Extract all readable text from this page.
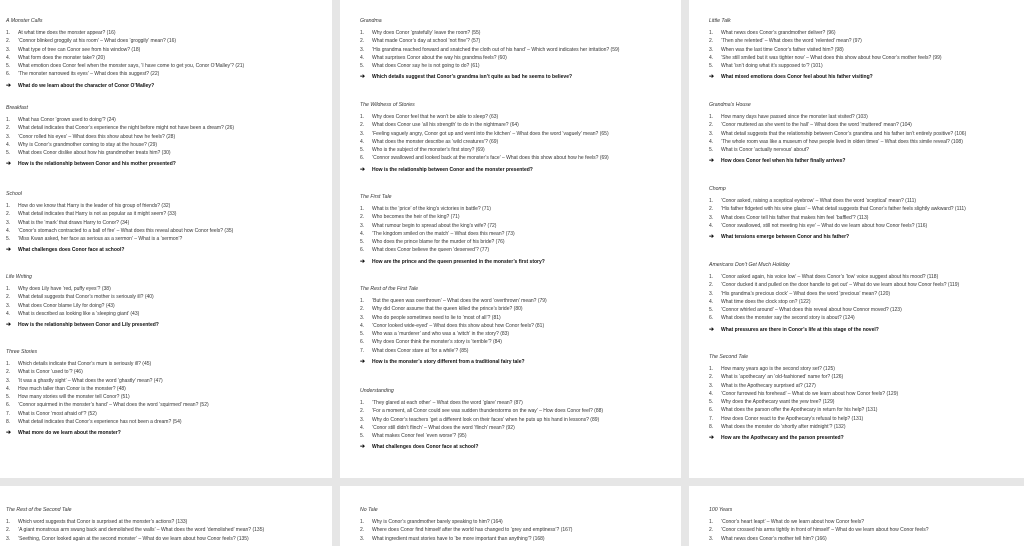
A Monster Calls
1.	At what time does the monster appear? (16)
2.	‘Connor blinked groggily at his room’ – What does ‘groggily’ mean? (16)
3.	What type of tree can Conor see from his window? (18)
4.	What form does the monster take? (20)
5.	What emotion does Conor feel when the monster says, ‘I have come to get you, Conor O’Malley’? (21)
6.	‘The monster narrowed its eyes’ – What does this suggest? (22)
➔	What do we learn about the character of Conor O’Malley?
Breakfast
1.	What has Conor ‘grown used to doing’? (24)
2.	What detail indicates that Conor’s experience the night before might not have been a dream? (26)
3.	‘Conor rolled his eyes’ – What does this show about how he feels? (28)
4.	Why is Conor’s grandmother coming to stay at the house? (29)
5.	What does Conor dislike about how his grandmother treats him? (30)
➔	How is the relationship between Conor and his mother presented?
School
1.	How do we know that Harry is the leader of his group of friends? (32)
2.	What detail indicates that Harry is not as popular as it might seem? (33)
3.	What is the ‘mark’ that draws Harry to Conor? (34)
4.	‘Conor’s stomach contracted to a ball of fire’ – What does this reveal about how Conor feels? (35)
5.	‘Miss Kwan asked, her face as serious as a sermon’ – What is a ‘sermon’?
➔	What challenges does Conor face at school?
Life Writing
1.	Why does Lily have ‘red, puffy eyes’? (38)
2.	What detail suggests that Conor’s mother is seriously ill? (40)
3.	What does Conor blame Lily for doing? (43)
4.	What is described as looking like a ‘sleeping giant’ (43)
➔	How is the relationship between Conor and Lily presented?
Three Stories
1.	Which details indicate that Conor’s mum is seriously ill? (45)
2.	What is Conor ‘used to’? (46)
3.	‘It was a ghastly sight’ – What does the word ‘ghastly’ mean? (47)
4.	How much taller than Conor is the monster? (48)
5.	How many stories will the monster tell Conor? (51)
6.	‘Connor squirmed in the monster’s hand’ – What does the word ‘squirmed’ mean? (52)
7.	What is Conor ‘most afraid of’? (52)
8.	What detail indicates that Conor’s experience has not been a dream? (54)
➔	What more do we learn about the monster?
Grandma
1.	Why does Conor ‘gratefully’ leave the room? (55)
2.	What made Conor’s day at school ‘not fine’? (57)
3.	‘His grandma reached forward and snatched the cloth out of his hand’ – Which word indicates her irritation? (59)
4.	What surprises Conor about the way his grandma feels? (60)
5.	What does Conor say he is not going to do? (61)
➔	Which details suggest that Conor’s grandma isn’t quite as bad he seems to believe?
The Wildness of Stories
1.	Why does Conor feel that he won’t be able to sleep? (63)
2.	What does Conor use ‘all his strength’ to do in the nightmare? (64)
3.	‘Feeling vaguely angry, Conor got up and went into the kitchen’ – What does the word ‘vaguely’ mean? (65)
4.	What does the monster describe as ‘wild creatures’? (69)
5.	Who is the subject of the monster’s first story? (69)
6.	‘Connor swallowed and looked back at the monster’s face’ – What does this show about how he feels? (69)
➔	How is the relationship between Conor and the monster presented?
The First Tale
1.	What is the ‘price’ of the king’s victories in battle? (71)
2.	Who becomes the heir of the king? (71)
3.	What rumour begin to spread about the king’s wife? (72)
4.	‘The kingdom smiled on the match’ – What does this mean? (73)
5.	Who does the prince blame for the murder of his bride? (76)
6.	What does Conor believe the queen ‘deserved’? (77)
➔	How are the prince and the queen presented in the monster’s first story?
The Rest of the First Tale
1.	‘But the queen was overthrown’ – What does the word ‘overthrown’ mean? (79)
2.	Why did Conor assume that the queen killed the prince’s bride? (80)
3.	Who do people sometimes need to lie to ‘most of all’? (81)
4.	‘Conor looked wide-eyed’ – What does this show about how Conor feels? (81)
5.	Who was a ‘murderer’ and who was a ‘witch’ in the story? (83)
6.	Why does Conor think the monster’s story is ‘terrible’? (84)
7.	What does Conor stare at ‘for a while’? (85)
➔	How is the monster’s story different from a traditional fairy tale?
Understanding
1.	‘They glared at each other’ – What does the word ‘glare’ mean? (87)
2.	‘For a moment, all Conor could see was sudden thunderstorms on the way’ – How does Conor feel? (88)
3.	Why do Conor’s teachers ‘get a different look on their faces’ when he puts up his hand in lessons? (89)
4.	‘Conor still didn’t flinch’ – What does the word ‘flinch’ mean? (92)
5.	What makes Conor feel ‘even worse’? (95)
➔	What challenges does Conor face at school?
Little Talk
1.	What news does Conor’s grandmother deliver? (96)
2.	‘Then she relented’ – What does the word ‘relented’ mean? (97)
3.	When was the last time Conor’s father visited him? (98)
4.	‘She still smiled but it was tighter now’ – What does this show about how Conor’s mother feels? (99)
5.	What ‘isn’t doing what it’s supposed to’? (101)
➔	What mixed emotions does Conor feel about his father visiting?
Grandma’s House
1.	How many days have passed since the monster last visited? (103)
2.	‘Conor muttered as she went to the hall’ – What does the word ‘muttered’ mean? (104)
3.	What detail suggests that the relationship between Conor’s grandma and his father isn’t entirely positive? (106)
4.	‘The whole room was like a museum of how people lived in olden times’ – What does this simile reveal? (108)
5.	What is Conor ‘actually nervous’ about?
➔	How does Conor feel when his father finally arrives?
Chomp
1.	‘Conor asked, raising a sceptical eyebrow’ – What does the word ‘sceptical’ mean? (111)
2.	‘His father fidgeted with his wine glass’ – What detail suggests that Conor’s father feels slightly awkward? (111)
3.	What does Conor tell his father that makes him feel ‘baffled’? (113)
4.	‘Conor swallowed, still not meeting his eye’ – What do we learn about how Conor feels? (116)
➔	What tensions emerge between Conor and his father?
Americans Don’t Get Much Holiday
1.	‘Conor asked again, his voice low’ – What does Conor’s ‘low’ voice suggest about his mood? (118)
2.	‘Conor ducked it and pulled on the door handle to get out’ – What do we learn about how Conor feels? (119)
3.	‘His grandma’s precious clock’ – What does the word ‘precious’ mean? (120)
4.	What time does the clock stop on? (122)
5.	‘Connor whirled around’ – What does this reveal about how Connor moved? (123)
6.	What does the monster say the second story is about? (124)
➔	What pressures are there in Conor’s life at this stage of the novel?
The Second Tale
1.	How many years ago is the second story set? (125)
2.	What is ‘apothecary’ an ‘old-fashioned’ name for? (126)
3.	What is the Apothecary surprised at? (127)
4.	‘Conor furrowed his forehead’ – What do we learn about how Conor feels? (129)
5.	Why does the Apothecary want the yew tree? (129)
6.	What does the parson offer the Apothecary in return for his help? (131)
7.	How does Conor react to the Apothecary’s refusal to help? (131)
8.	What does the monster do ‘shortly after midnight’? (132)
➔	How are the Apothecary and the parson presented?
The Rest of the Second Tale
1.	Which word suggests that Conor is surprised at the monster’s actions? (133)
2.	‘A giant monstrous arm swung back and demolished the walls’ – What does the word ‘demolished’ mean? (135)
3.	‘Seething, Conor looked again at the second monster’ – What do we learn about how Conor feels? (135)
No Tale
1.	Why is Conor’s grandmother barely speaking to him? (164)
2.	Where does Conor find himself after the world has changed to ‘grey and emptiness’? (167)
3.	What ingredient must stories have to ‘be more important than anything’? (168)
100 Years
1.	‘Conor’s heart leapt’ – What do we learn about how Conor feels?
2.	‘Conor crossed his arms tightly in front of himself’ – What do we learn about how Conor feels?
3.	What news does Conor’s mother tell him? (166)
